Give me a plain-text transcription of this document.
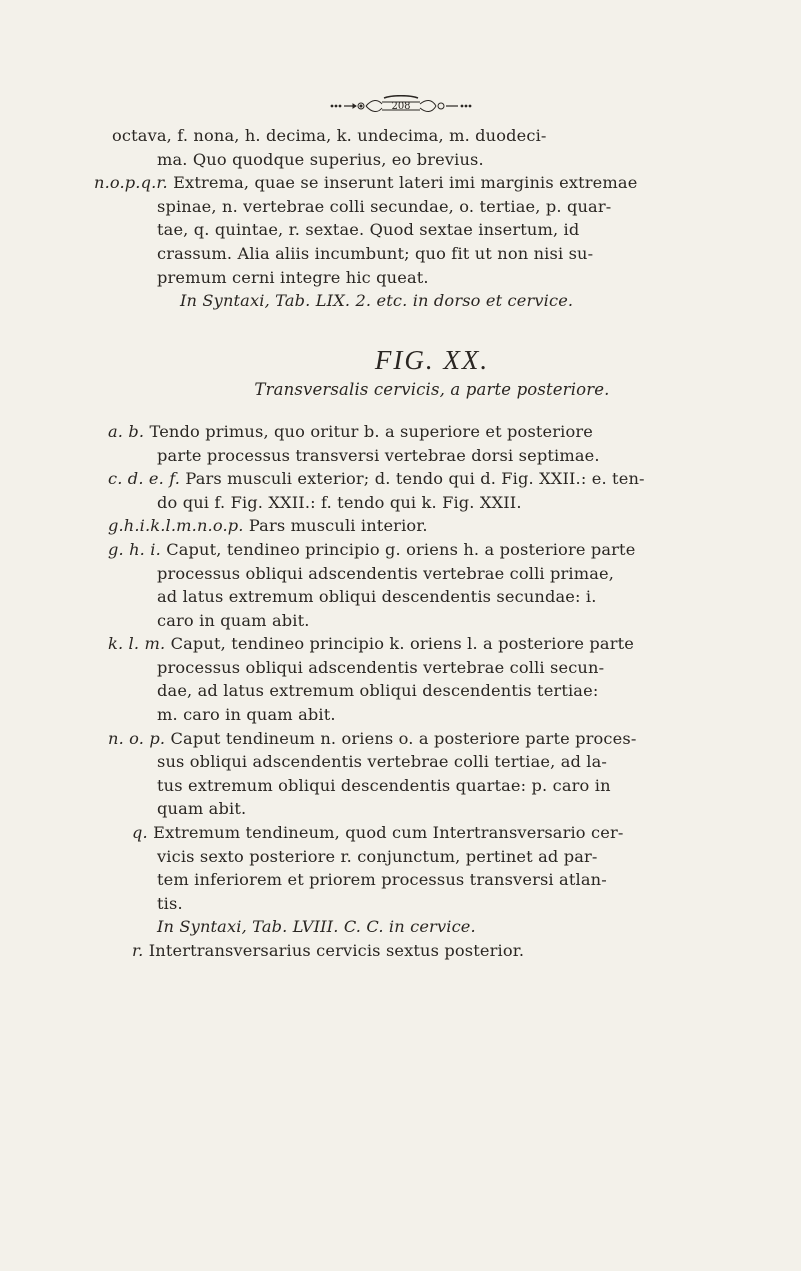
208
octava, f. nona, h. decima, k. undecima, m. duodeci-
ma. Quo quodque superius, eo brevius.
n.o.p.q.r. Extrema, quae se inserunt lateri imi marginis extremae
spinae, n. vertebrae colli secundae, o. tertiae, p. quar-
tae, q. quintae, r. sextae. Quod sextae insertum, id
crassum. Alia aliis incumbunt; quo fit ut non nisi su-
premum cerni integre hic queat.
In Syntaxi, Tab. LIX. 2. etc. in dorso et cervice.
FIG. XX.
Transversalis cervicis, a parte posteriore.
a. b. Tendo primus, quo oritur b. a superiore et posteriore
parte processus transversi vertebrae dorsi septimae.
c. d. e. f. Pars musculi exterior; d. tendo qui d. Fig. XXII.: e. ten-
do qui f. Fig. XXII.: f. tendo qui k. Fig. XXII.
g.h.i.k.l.m.n.o.p. Pars musculi interior.
g. h. i. Caput, tendineo principio g. oriens h. a posteriore parte
processus obliqui adscendentis vertebrae colli primae,
ad latus extremum obliqui descendentis secundae: i.
caro in quam abit.
k. l. m. Caput, tendineo principio k. oriens l. a posteriore parte
processus obliqui adscendentis vertebrae colli secun-
dae, ad latus extremum obliqui descendentis tertiae:
m. caro in quam abit.
n. o. p. Caput tendineum n. oriens o. a posteriore parte proces-
sus obliqui adscendentis vertebrae colli tertiae, ad la-
tus extremum obliqui descendentis quartae: p. caro in
quam abit.
q. Extremum tendineum, quod cum Intertransversario cer-
vicis sexto posteriore r. conjunctum, pertinet ad par-
tem inferiorem et priorem processus transversi atlan-
tis.
In Syntaxi, Tab. LVIII. C. C. in cervice.
r. Intertransversarius cervicis sextus posterior.
